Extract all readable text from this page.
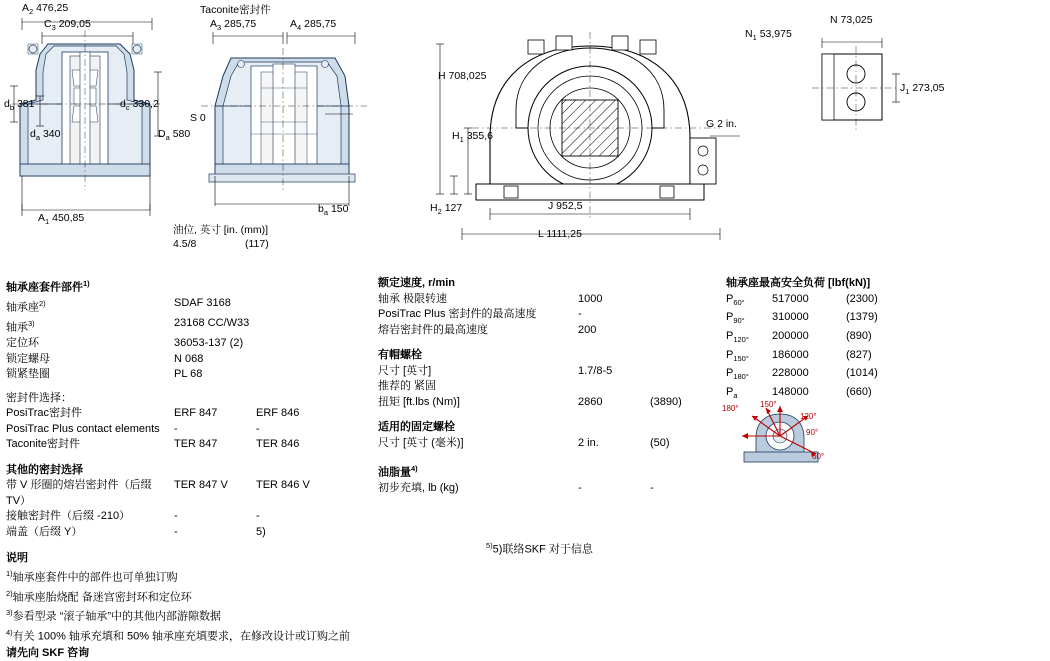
$A_2$ 476,25
$C_3$ 209,05
$d_b$ 381
$d_a$ 340
$d_c$ 330,2
$D_a$ 580
$A_1$ 450,85
Taconite密封件
$A_3$ 285,75	$A_4$ 285,75
S 0
$b_a$ 150
油位, 英寸 [in. (mm)]
4.5/8	(117)
H 708,025
$H_1$ 355,6
$H_2$ 127	J 952,5
L 1111,25
G 2 in.
N 73,025
$N_1$ 53,975
$J_1$ 273,05
轴承座套件部件$^{1)}$
轴承座$^{2)}$	SDAF 3168
轴承$^{3)}$	23168 CC/W33
定位环	36053-137 (2)
锁定螺母	N 068
锁紧垫圈	PL 68
密封件选择：
PosiTrac密封件	ERF 847	ERF 846
PosiTrac Plus contact elements	-	-
Taconite密封件	TER 847	TER 846
其他的密封选择
带 V 形圈的熔岩密封件（后缀 TV）
TER 847 V	TER 846 V
接触密封件（后缀 -210）	-	-
端盖（后缀 Y）	-	5)
额定速度, r/min
轴承 极限转速	1000
PosiTrac Plus 密封件的最高速度	-
熔岩密封件的最高速度	200
有帽螺栓
尺寸 [英寸]	1.7/8-5
推荐的 紧固
扭矩 [ft.lbs (Nm)]	2860	(3890)
适用的固定螺栓
尺寸 [英寸 (毫米)]	2 in.	(50)
油脂量$^{4)}$
初步充填, lb (kg)	-	-
轴承座最高安全负荷 [lbf(kN)]
$P_{60^\circ}$	517000	(2300)
$P_{90^\circ}$	310000	(1379)
$P_{120^\circ}$	200000	(890)
$P_{150^\circ}$	186000	(827)
$P_{180^\circ}$	228000	(1014)
$P_a$	148000	(660)
180°	150°
120°
90°
60°
说明
$^{1)}$轴承座套件中的部件也可单独订购
$^{2)}$轴承座胎烧配 备迷宫密封环和定位环
$^{3)}$参看型录 “滚子轴承”中的其他内部游隙数据
$^{4)}$有关 100% 轴承充填和 50% 轴承座充填要求，在修改设计或订购之前
请先向 SKF 咨询
$^{5)}$5)联络SKF 对于信息
